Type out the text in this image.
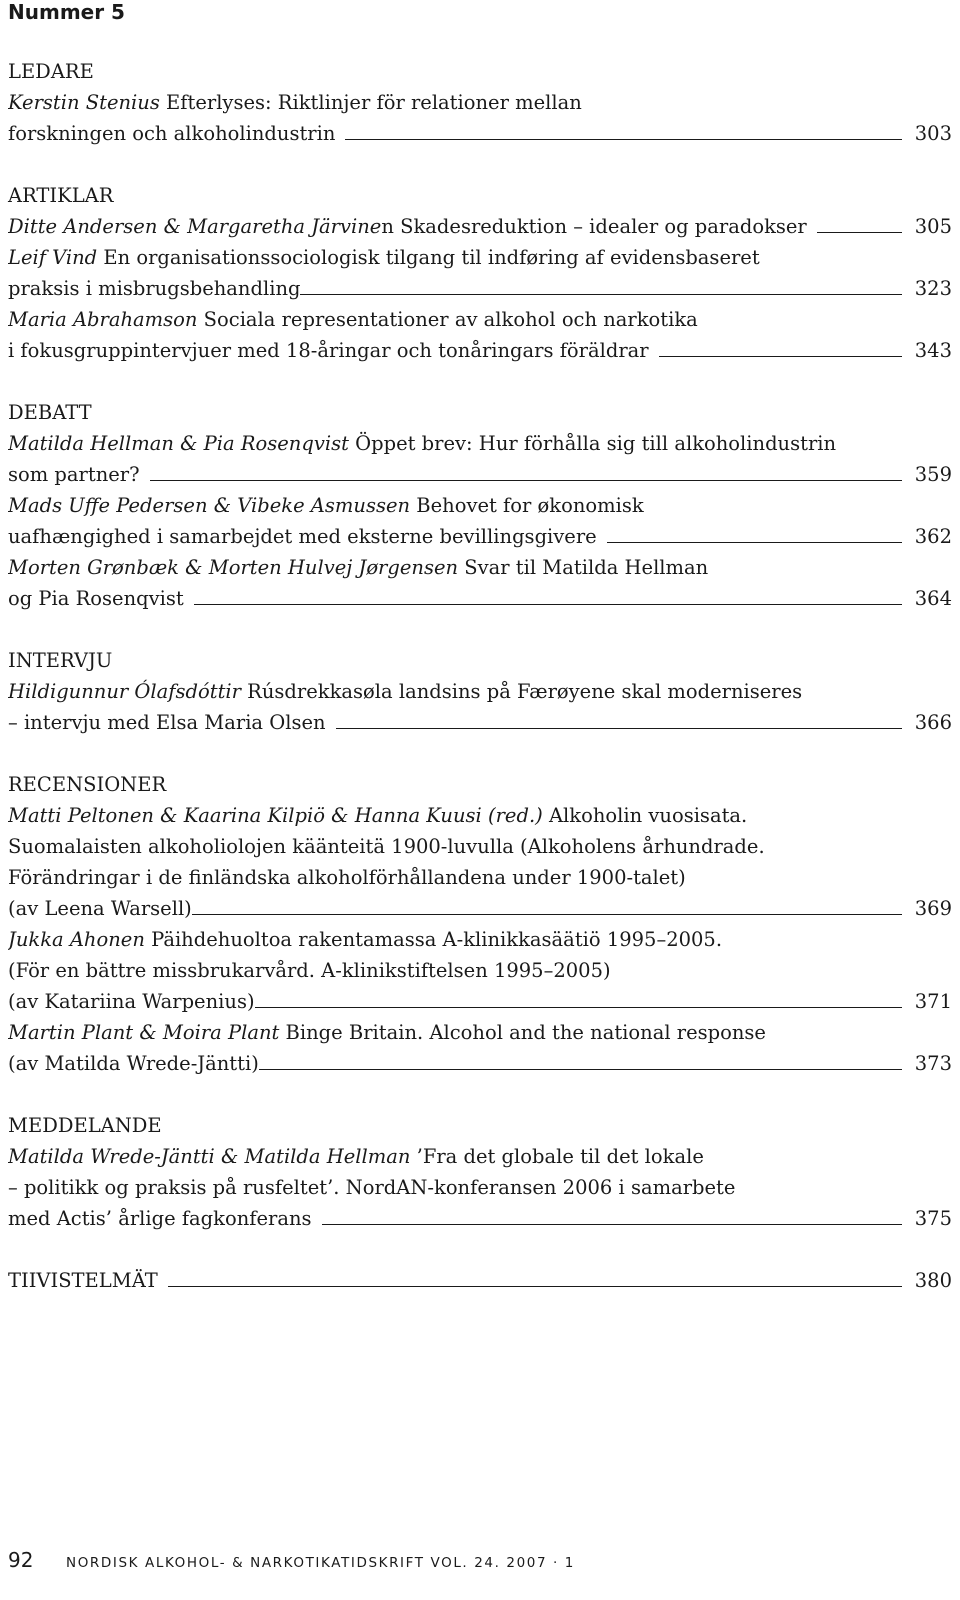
Nummer 5
LEDARE
Kerstin Stenius Efterlyses: Riktlinjer för relationer mellan
forskningen och alkoholindustrin	303
ARTIKLAR
Ditte Andersen & Margaretha Järvinen Skadesreduktion – idealer og paradokser	305
Leif Vind En organisationssociologisk tilgang til indføring af evidensbaseret
praksis i misbrugsbehandling	323
Maria Abrahamson Sociala representationer av alkohol och narkotika
i fokusgruppintervjuer med 18-åringar och tonåringars föräldrar	343
DEBATT
Matilda Hellman & Pia Rosenqvist Öppet brev: Hur förhålla sig till alkoholindustrin
som partner?	359
Mads Uffe Pedersen & Vibeke Asmussen Behovet for økonomisk
uafhængighed i samarbejdet med eksterne bevillingsgivere	362
Morten Grønbæk & Morten Hulvej Jørgensen Svar til Matilda Hellman
og Pia Rosenqvist	364
INTERVJU
Hildigunnur Ólafsdóttir Rúsdrekkasøla landsins på Færøyene skal moderniseres
– intervju med Elsa Maria Olsen	366
RECENSIONER
Matti Peltonen & Kaarina Kilpiö & Hanna Kuusi (red.) Alkoholin vuosisata.
Suomalaisten alkoholiolojen käänteitä 1900-luvulla (Alkoholens århundrade.
Förändringar i de finländska alkoholförhållandena under 1900-talet)
(av Leena Warsell)	369
Jukka Ahonen Päihdehuoltoa rakentamassa A-klinikkasäätiö 1995–2005.
(För en bättre missbrukarvård. A-klinikstiftelsen 1995–2005)
(av Katariina Warpenius)	371
Martin Plant & Moira Plant Binge Britain. Alcohol and the national response
(av Matilda Wrede-Jäntti)	373
MEDDELANDE
Matilda Wrede-Jäntti & Matilda Hellman ’Fra det globale til det lokale
– politikk og praksis på rusfeltet’. NordAN-konferansen 2006 i samarbete
med Actis’ årlige fagkonferans	375
TIIVISTELMÄT	380
92	NORDISK ALKOHOL- & NARKOTIKATIDSKRIFT VOL. 24. 2007 · 1
